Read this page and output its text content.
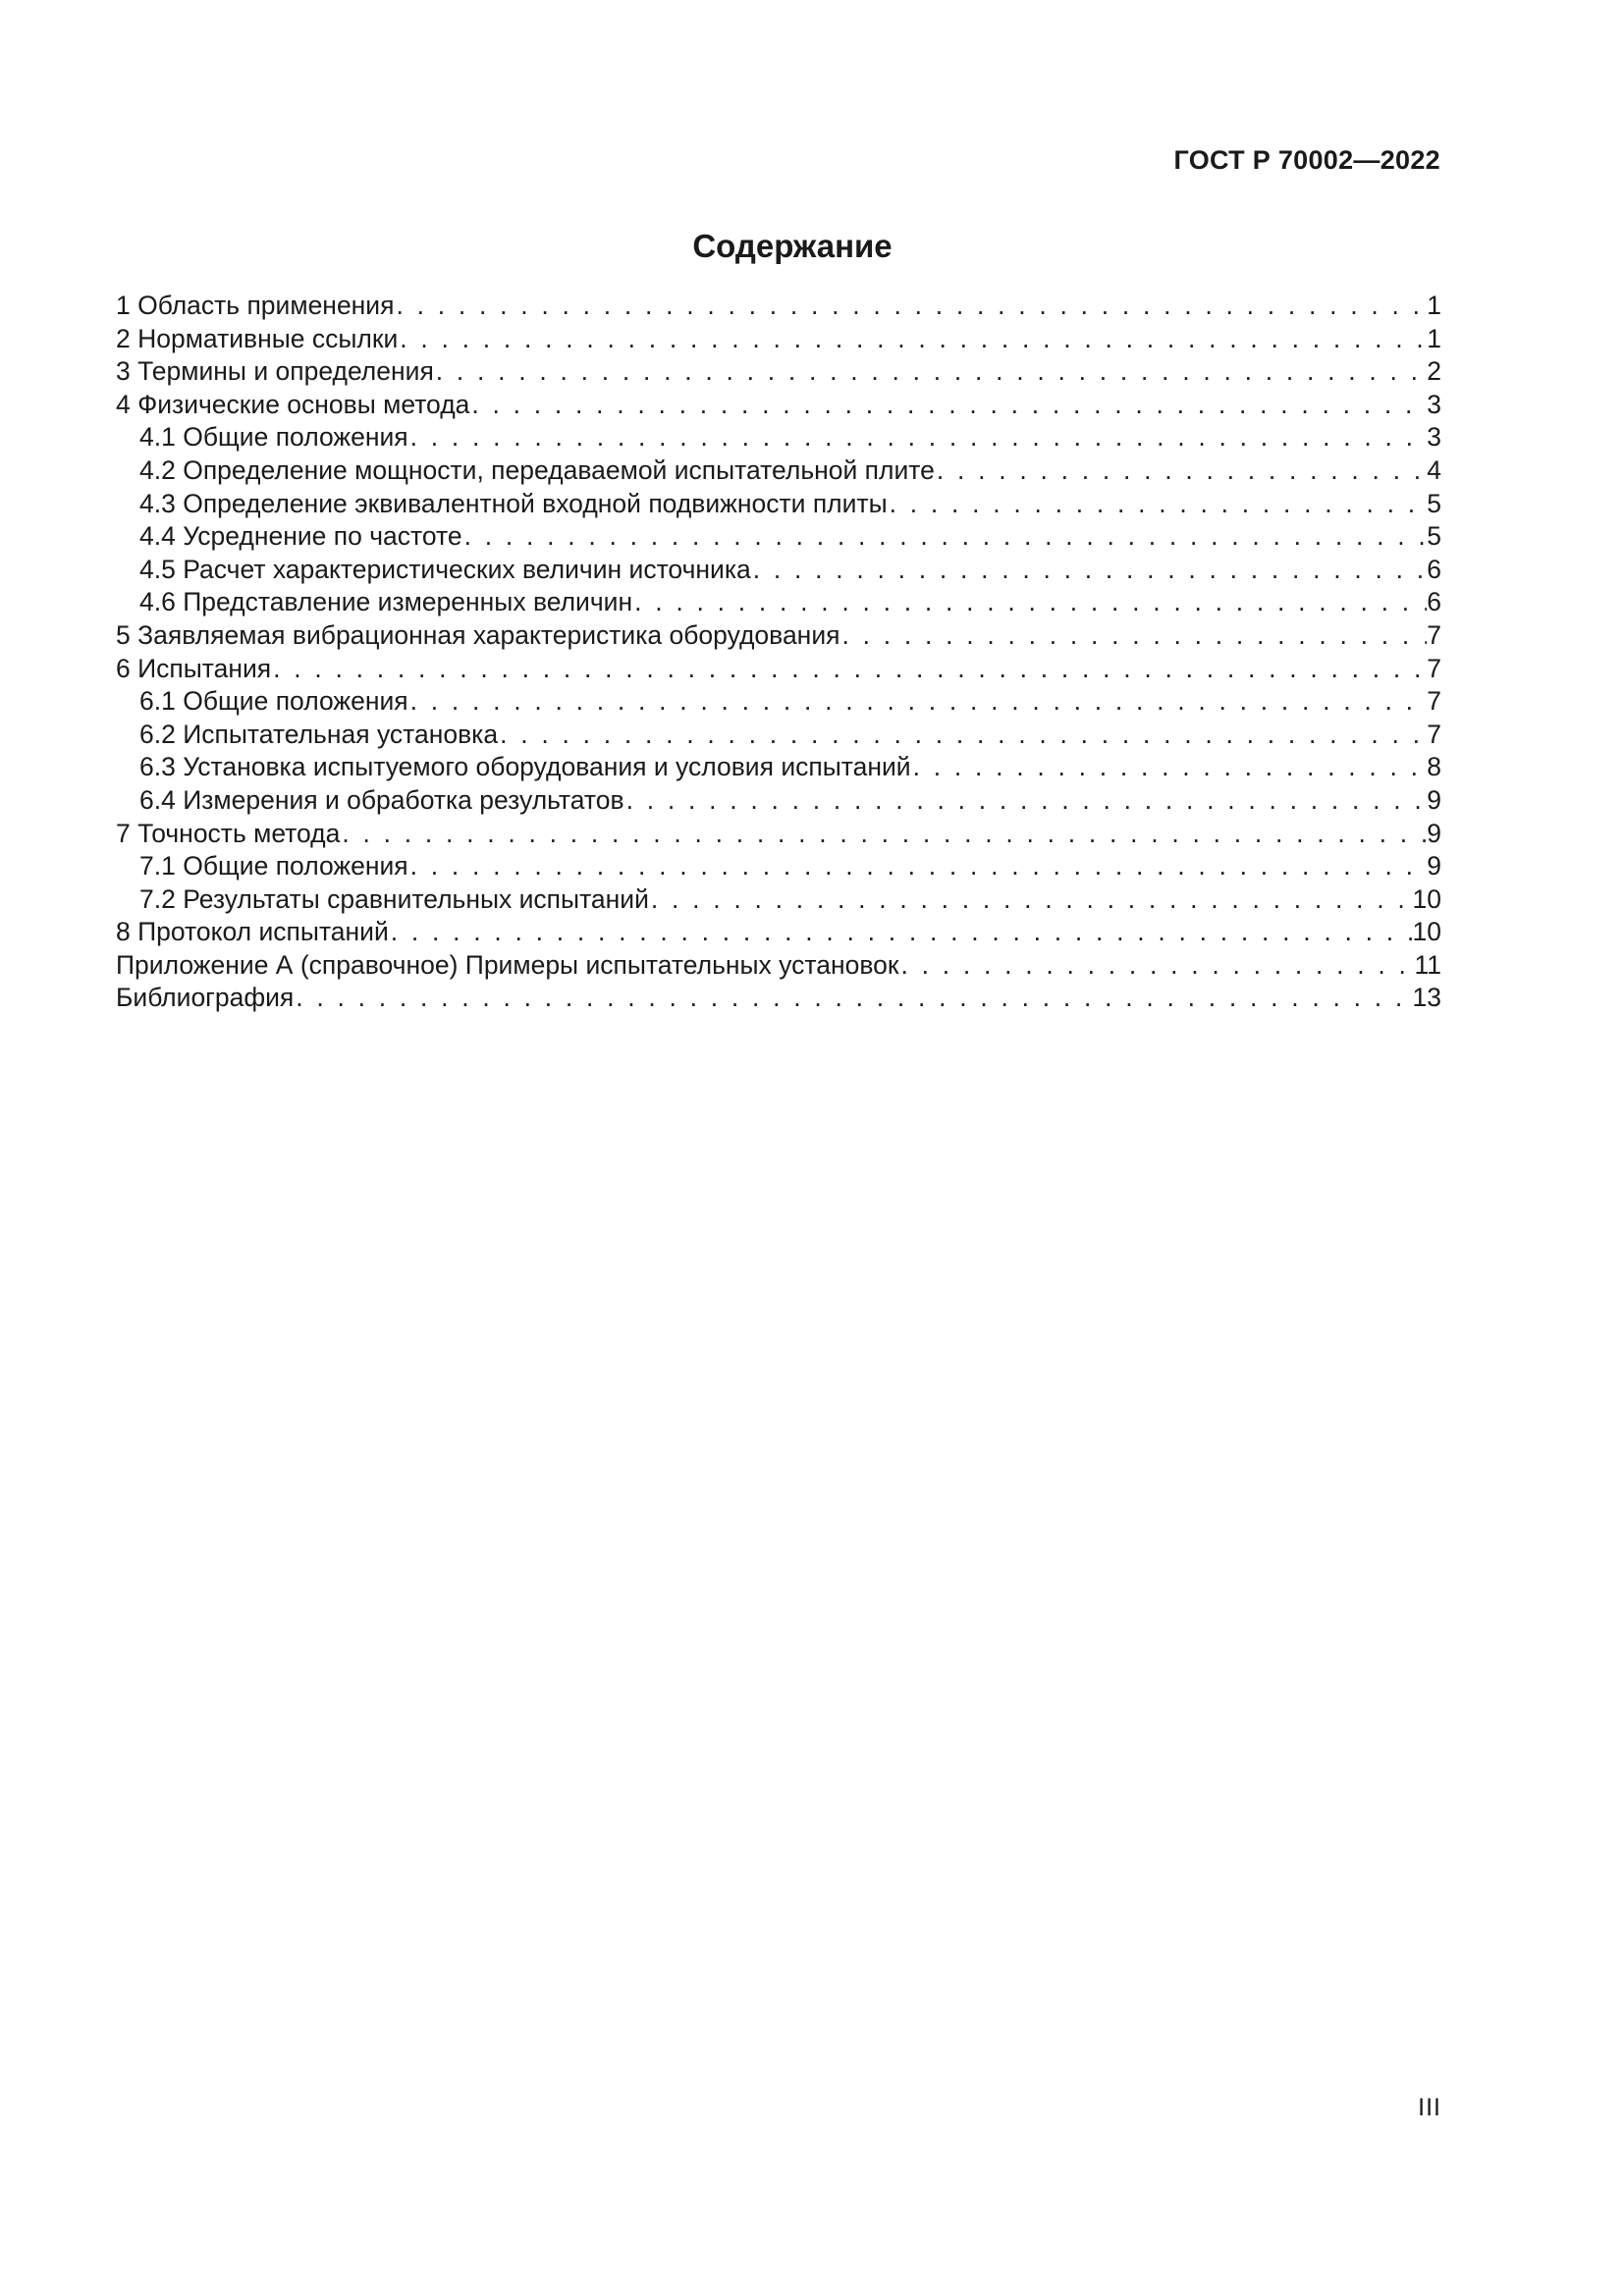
ГОСТ Р 70002—2022
Содержание
1 Область применения . . .	1
2 Нормативные ссылки . . .	1
3 Термины и определения . . .	2
4 Физические основы метода . . .	3
4.1 Общие положения . . .	3
4.2 Определение мощности, передаваемой испытательной плите . . .	4
4.3 Определение эквивалентной входной подвижности плиты . . .	5
4.4 Усреднение по частоте . . .	5
4.5 Расчет характеристических величин источника . . .	6
4.6 Представление измеренных величин . . .	6
5 Заявляемая вибрационная характеристика оборудования . . .	7
6 Испытания . . .	7
6.1 Общие положения . . .	7
6.2 Испытательная установка . . .	7
6.3 Установка испытуемого оборудования и условия испытаний . . .	8
6.4 Измерения и обработка результатов . . .	9
7 Точность метода . . .	9
7.1 Общие положения . . .	9
7.2 Результаты сравнительных испытаний . . .	10
8 Протокол испытаний . . .	10
Приложение А (справочное) Примеры испытательных установок . . .	11
Библиография . . .	13
III
